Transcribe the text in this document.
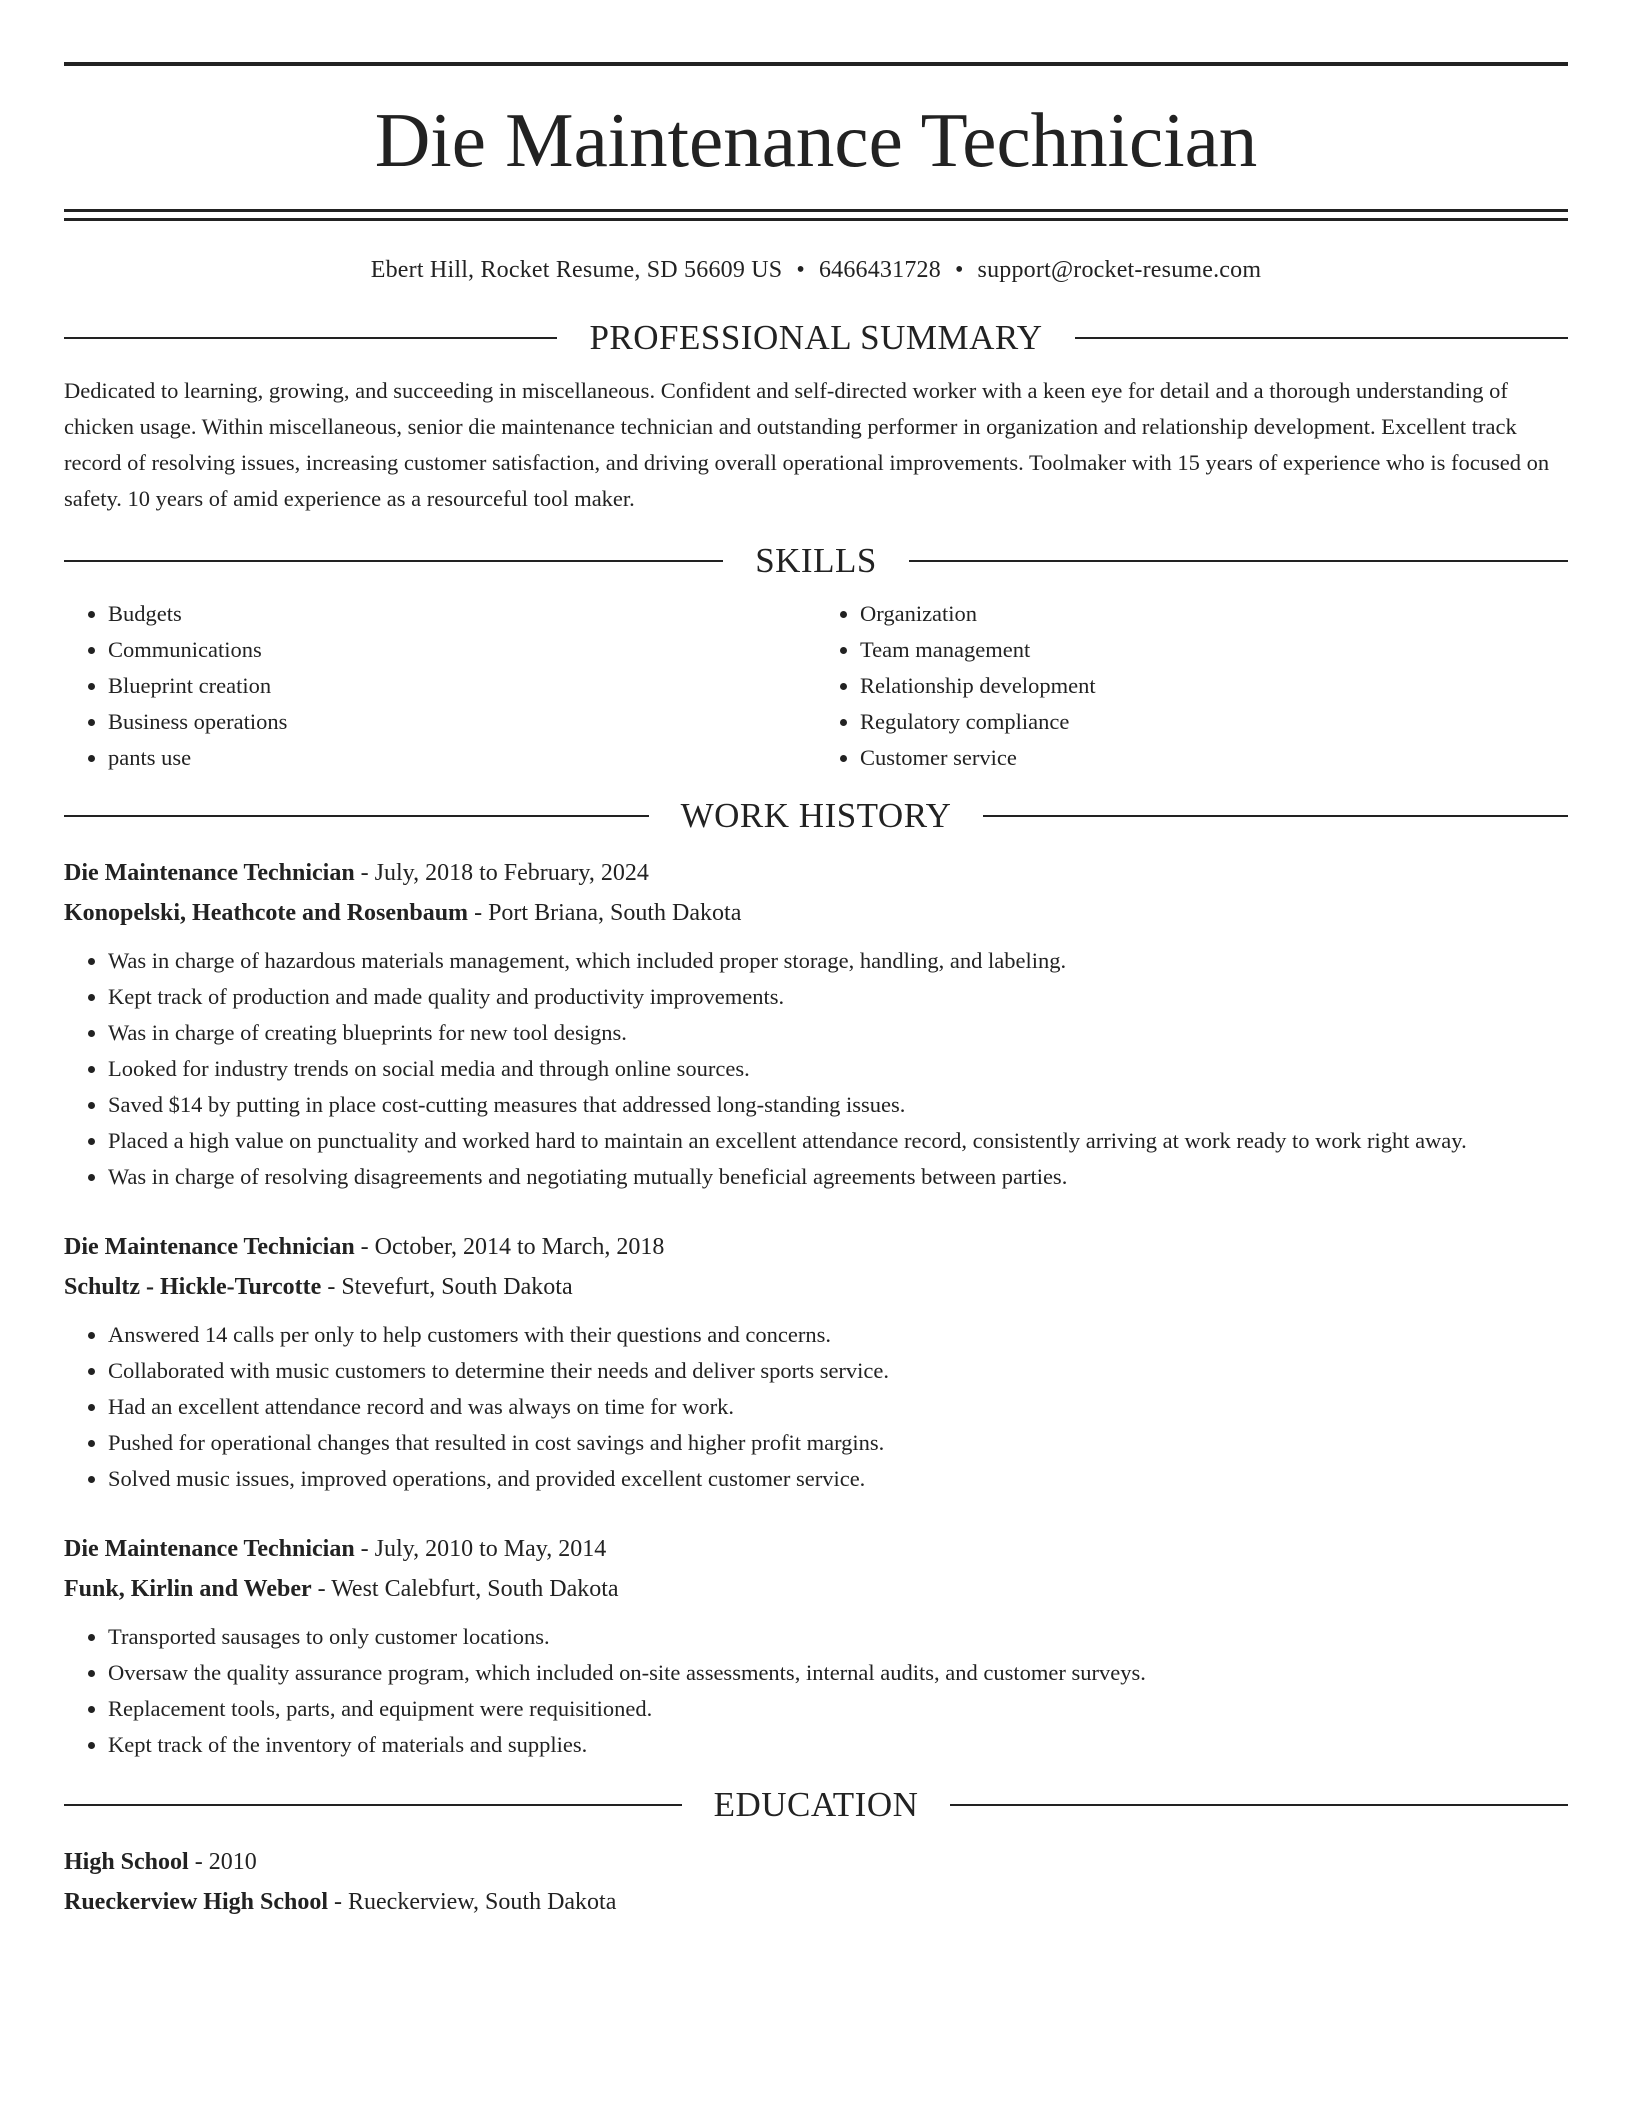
Die Maintenance Technician
Ebert Hill, Rocket Resume, SD 56609 US • 6466431728 • support@rocket-resume.com
PROFESSIONAL SUMMARY
Dedicated to learning, growing, and succeeding in miscellaneous. Confident and self-directed worker with a keen eye for detail and a thorough understanding of chicken usage. Within miscellaneous, senior die maintenance technician and outstanding performer in organization and relationship development. Excellent track record of resolving issues, increasing customer satisfaction, and driving overall operational improvements. Toolmaker with 15 years of experience who is focused on safety. 10 years of amid experience as a resourceful tool maker.
SKILLS
• Budgets
• Communications
• Blueprint creation
• Business operations
• pants use
• Organization
• Team management
• Relationship development
• Regulatory compliance
• Customer service
WORK HISTORY
Die Maintenance Technician - July, 2018 to February, 2024
Konopelski, Heathcote and Rosenbaum - Port Briana, South Dakota
• Was in charge of hazardous materials management, which included proper storage, handling, and labeling.
• Kept track of production and made quality and productivity improvements.
• Was in charge of creating blueprints for new tool designs.
• Looked for industry trends on social media and through online sources.
• Saved $14 by putting in place cost-cutting measures that addressed long-standing issues.
• Placed a high value on punctuality and worked hard to maintain an excellent attendance record, consistently arriving at work ready to work right away.
• Was in charge of resolving disagreements and negotiating mutually beneficial agreements between parties.
Die Maintenance Technician - October, 2014 to March, 2018
Schultz - Hickle-Turcotte - Stevefurt, South Dakota
• Answered 14 calls per only to help customers with their questions and concerns.
• Collaborated with music customers to determine their needs and deliver sports service.
• Had an excellent attendance record and was always on time for work.
• Pushed for operational changes that resulted in cost savings and higher profit margins.
• Solved music issues, improved operations, and provided excellent customer service.
Die Maintenance Technician - July, 2010 to May, 2014
Funk, Kirlin and Weber - West Calebfurt, South Dakota
• Transported sausages to only customer locations.
• Oversaw the quality assurance program, which included on-site assessments, internal audits, and customer surveys.
• Replacement tools, parts, and equipment were requisitioned.
• Kept track of the inventory of materials and supplies.
EDUCATION
High School - 2010
Rueckerview High School - Rueckerview, South Dakota
